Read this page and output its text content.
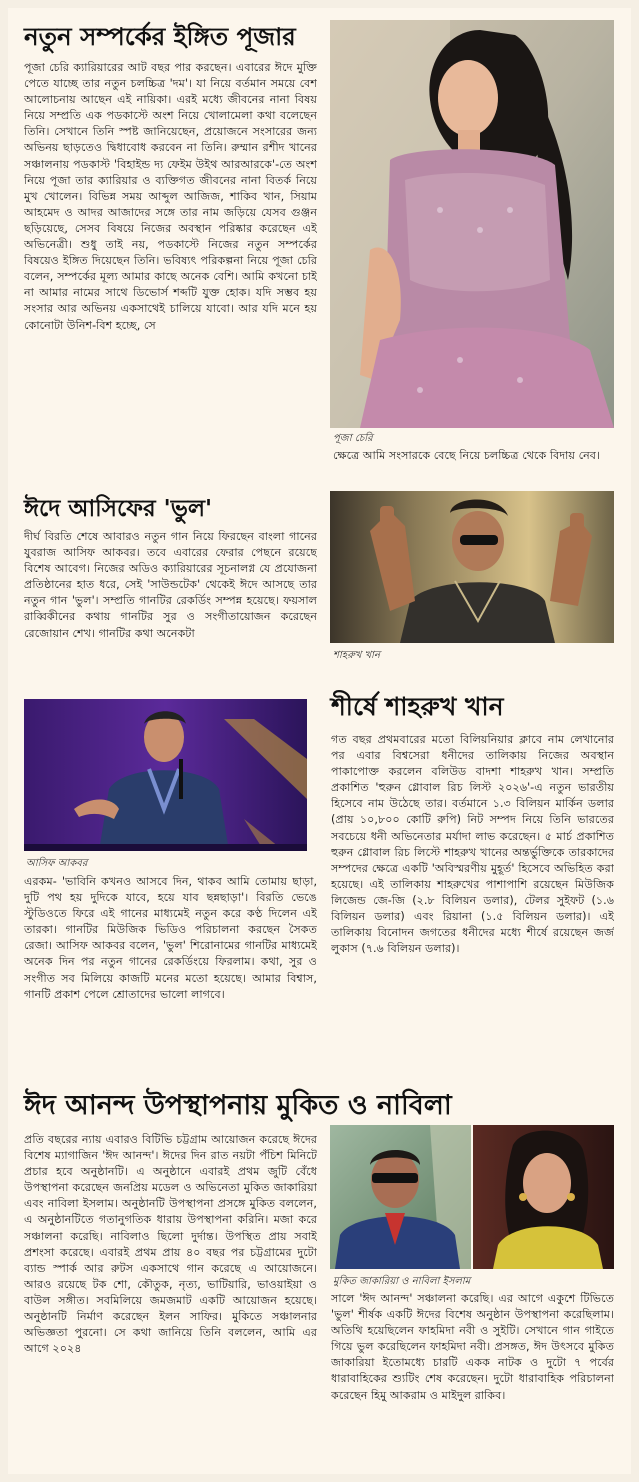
নতুন সম্পর্কের ইঙ্গিত পূজার
পূজা চেরি ক্যারিয়ারের আট বছর পার করছেন। এবারের ঈদে মুক্তি পেতে যাচ্ছে তার নতুন চলচ্চিত্র 'দম'। যা নিয়ে বর্তমান সময়ে বেশ আলোচনায় আছেন এই নায়িকা। এরই মধ্যে জীবনের নানা বিষয় নিয়ে সম্প্রতি এক পডকাস্টে অংশ নিয়ে খোলামেলা কথা বলেছেন তিনি। সেখানে তিনি স্পষ্ট জানিয়েছেন, প্রয়োজনে সংসারের জন্য অভিনয় ছাড়তেও দ্বিধাবোধ করবেন না তিনি। রুম্মান রশীদ খানের সঞ্চালনায় পডকাস্ট 'বিহাইন্ড দ্য ফেইম উইথ আরআরকে'-তে অংশ নিয়ে পূজা তার ক্যারিয়ার ও ব্যক্তিগত জীবনের নানা বিতর্ক নিয়ে মুখ খোলেন। বিভিন্ন সময় আব্দুল আজিজ, শাকিব খান, সিয়াম আহমেদ ও আদর আজাদের সঙ্গে তার নাম জড়িয়ে যেসব গুঞ্জন ছড়িয়েছে, সেসব বিষয়ে নিজের অবস্থান পরিষ্কার করেছেন এই অভিনেত্রী। শুধু তাই নয়, পডকাস্টে নিজের নতুন সম্পর্কের বিষয়েও ইঙ্গিত দিয়েছেন তিনি। ভবিষ্যৎ পরিকল্পনা নিয়ে পূজা চেরি বলেন, সম্পর্কের মূল্য আমার কাছে অনেক বেশি। আমি কখনো চাই না আমার নামের সাথে ডিভোর্স শব্দটি যুক্ত হোক। যদি সম্ভব হয় সংসার আর অভিনয় একসাথেই চালিয়ে যাবো। আর যদি মনে হয় কোনোটা উনিশ-বিশ হচ্ছে, সে
পূজা চেরি
ক্ষেত্রে আমি সংসারকে বেছে নিয়ে চলচ্চিত্র থেকে বিদায় নেব।
ঈদে আসিফের 'ভুল'
দীর্ঘ বিরতি শেষে আবারও নতুন গান নিয়ে ফিরছেন বাংলা গানের যুবরাজ আসিফ আকবর। তবে এবারের ফেরার পেছনে রয়েছে বিশেষ আবেগ। নিজের অডিও ক্যারিয়ারের সূচনালগ্ন যে প্রযোজনা প্রতিষ্ঠানের হাত ধরে, সেই 'সাউন্ডটেক' থেকেই ঈদে আসছে তার নতুন গান 'ভুল'। সম্প্রতি গানটির রেকর্ডিং সম্পন্ন হয়েছে। ফয়সাল রাব্বিকীনের কথায় গানটির সুর ও সংগীতায়োজন করেছেন রেজোয়ান শেখ। গানটির কথা অনেকটা
আসিফ আকবর
এরকম- 'ভাবিনি কখনও আসবে দিন, থাকব আমি তোমায় ছাড়া, দুটি পথ হয় দুদিকে যাবে, হয়ে যাব ছন্নছাড়া'। বিরতি ভেঙে স্টুডিওতে ফিরে এই গানের মাধ্যমেই নতুন করে কণ্ঠ দিলেন এই তারকা। গানটির মিউজিক ভিডিও পরিচালনা করছেন সৈকত রেজা। আসিফ আকবর বলেন, 'ভুল' শিরোনামের গানটির মাধ্যমেই অনেক দিন পর নতুন গানের রেকর্ডিংয়ে ফিরলাম। কথা, সুর ও সংগীত সব মিলিয়ে কাজটি মনের মতো হয়েছে। আমার বিশ্বাস, গানটি প্রকাশ পেলে শ্রোতাদের ভালো লাগবে।
শাহরুখ খান
শীর্ষে শাহরুখ খান
গত বছর প্রথমবারের মতো বিলিয়নিয়ার ক্লাবে নাম লেখানোর পর এবার বিশ্বসেরা ধনীদের তালিকায় নিজের অবস্থান পাকাপোক্ত করলেন বলিউড বাদশা শাহরুখ খান। সম্প্রতি প্রকাশিত 'হুরুন গ্লোবাল রিচ লিস্ট ২০২৬'-এ নতুন ভারতীয় হিসেবে নাম উঠেছে তার। বর্তমানে ১.৩ বিলিয়ন মার্কিন ডলার (প্রায় ১০,৮০০ কোটি রুপি) নিট সম্পদ নিয়ে তিনি ভারতের সবচেয়ে ধনী অভিনেতার মর্যাদা লাভ করেছেন। ৫ মার্চ প্রকাশিত হুরুন গ্লোবাল রিচ লিস্টে শাহরুখ খানের অন্তর্ভুক্তিকে তারকাদের সম্পদের ক্ষেত্রে একটি 'অবিস্মরণীয় মুহূর্ত' হিসেবে অভিহিত করা হয়েছে। এই তালিকায় শাহরুখের পাশাপাশি রয়েছেন মিউজিক লিজেন্ড জে-জি (২.৮ বিলিয়ন ডলার), টেলর সুইফট (১.৬ বিলিয়ন ডলার) এবং রিয়ানা (১.৫ বিলিয়ন ডলার)। এই তালিকায় বিনোদন জগতের ধনীদের মধ্যে শীর্ষে রয়েছেন জর্জ লুকাস (৭.৬ বিলিয়ন ডলার)।
ঈদ আনন্দ উপস্থাপনায় মুকিত ও নাবিলা
প্রতি বছরের ন্যায় এবারও বিটিভি চট্টগ্রাম আয়োজন করেছে ঈদের বিশেষ ম্যাগাজিন 'ঈদ আনন্দ'। ঈদের দিন রাত নয়টা পঁচিশ মিনিটে প্রচার হবে অনুষ্ঠানটি। এ অনুষ্ঠানে এবারই প্রথম জুটি বেঁধে উপস্থাপনা করেছেন জনপ্রিয় মডেল ও অভিনেতা মুকিত জাকারিয়া এবং নাবিলা ইসলাম। অনুষ্ঠানটি উপস্থাপনা প্রসঙ্গে মুকিত বললেন, এ অনুষ্ঠানটিতে গতানুগতিক ধারায় উপস্থাপনা করিনি। মজা করে সঞ্চালনা করেছি। নাবিলাও ছিলো দুর্দান্ত। উপস্থিত প্রায় সবাই প্রশংসা করেছে। এবারই প্রথম প্রায় ৪০ বছর পর চট্টগ্রামের দুটো ব্যান্ড স্পার্ক আর রুটস একসাথে গান করেছে এ আয়োজনে। আরও রয়েছে টক শো, কৌতুক, নৃত্য, ভাটিয়ারি, ভাওয়াইয়া ও বাউল সঙ্গীত। সবমিলিয়ে জমজমাট একটি আয়োজন হয়েছে। অনুষ্ঠানটি নির্মাণ করেছেন ইলন সাফির। মুকিতে সঞ্চালনার অভিজ্ঞতা পুরনো। সে কথা জানিয়ে তিনি বললেন, আমি এর আগে ২০২৪
মুকিত জাকারিয়া ও নাবিলা ইসলাম
সালে 'ঈদ আনন্দ' সঞ্চালনা করেছি। এর আগে একুশে টিভিতে 'ভুল' শীর্ষক একটি ঈদের বিশেষ অনুষ্ঠান উপস্থাপনা করেছিলাম। অতিথি হয়েছিলেন ফাহমিদা নবী ও সুইটি। সেখানে গান গাইতে গিয়ে ভুল করেছিলেন ফাহমিদা নবী। প্রসঙ্গত, ঈদ উৎসবে মুকিত জাকারিয়া ইতোমধ্যে চারটি একক নাটক ও দুটো ৭ পর্বের ধারাবাহিকের শ্যুটিং শেষ করেছেন। দুটো ধারাবাহিক পরিচালনা করেছেন হিমু আকরাম ও মাইদুল রাকিব।
